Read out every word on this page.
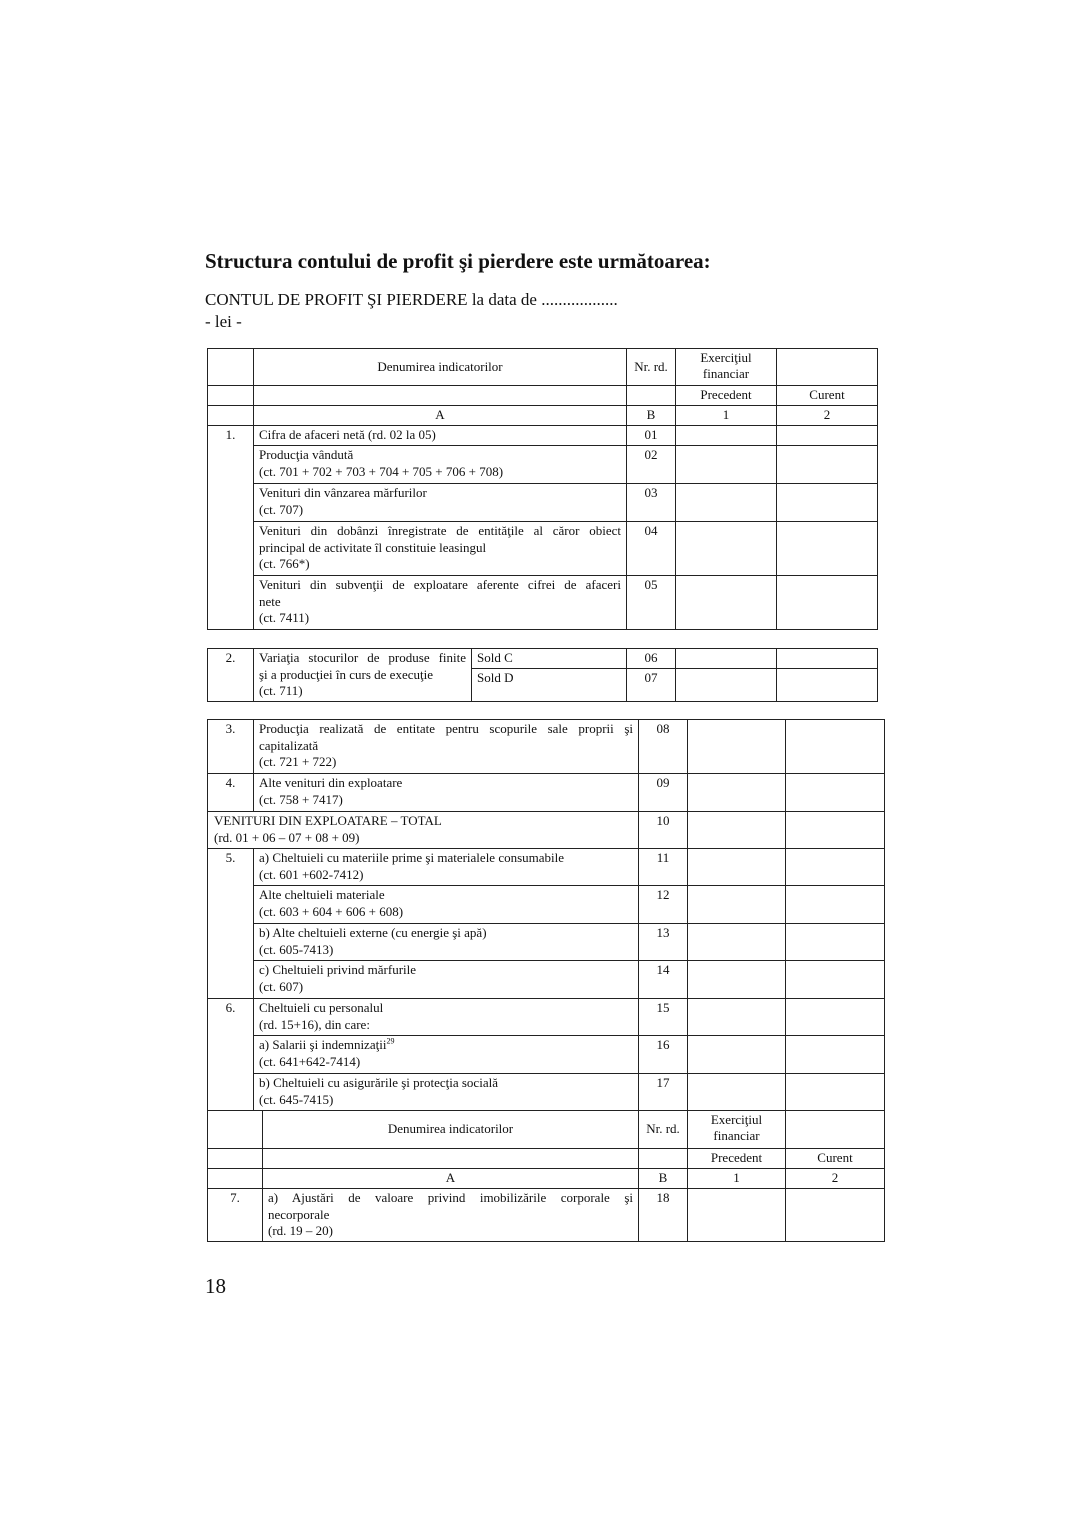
Structura contului de profit şi pierdere este următoarea:
CONTUL DE PROFIT ŞI PIERDERE la data de ..................
- lei -
	Denumirea indicatorilor	Nr. rd.	Exerciţiul
financiar	

			Precedent	Curent
	A	B	1	2
1.	Cifra de afaceri netă (rd. 02 la 05)	01		

	Producţia vândută
(ct. 701 + 702 + 703 + 704 + 705 + 706 + 708)	02		

	Venituri din vânzarea mărfurilor
(ct. 707)	03		

	Venituri din dobânzi înregistrate de entităţile al căror obiect
principal de activitate îl constituie leasingul
(ct. 766*)	04		

	Venituri din subvenţii de exploatare aferente cifrei de afaceri
nete
(ct. 7411)	05		
2.	Variaţia stocurilor de produse finite
şi a producţiei în curs de execuţie
(ct. 711)	Sold C	06		
		Sold D	07		
3.	Producţia realizată de entitate pentru scopurile sale proprii şi
capitalizată
(ct. 721 + 722)	08		
4.	Alte venituri din exploatare
(ct. 758 + 7417)	09		

VENITURI DIN EXPLOATARE – TOTAL
(rd. 01 + 06 – 07 + 08 + 09)		10		
5.	a) Cheltuieli cu materiile prime şi materialele consumabile
(ct. 601 +602-7412)	11		

	Alte cheltuieli materiale
(ct. 603 + 604 + 606 + 608)	12		

	b) Alte cheltuieli externe (cu energie şi apă)
(ct. 605-7413)	13		

	c) Cheltuieli privind mărfurile
(ct. 607)	14		
6.	Cheltuieli cu personalul
(rd. 15+16), din care:	15		

	a) Salarii şi indemnizaţii$^{29}$
(ct. 641+642-7414)	16		

	b) Cheltuieli cu asigurările şi protecţia socială
(ct. 645-7415)	17		
	Denumirea indicatorilor	Nr. rd.	Exerciţiul
financiar	

			Precedent	Curent
	A	B	1	2
7.	a) Ajustări de valoare privind imobilizările corporale şi
necorporale
(rd. 19 – 20)	18		
18
